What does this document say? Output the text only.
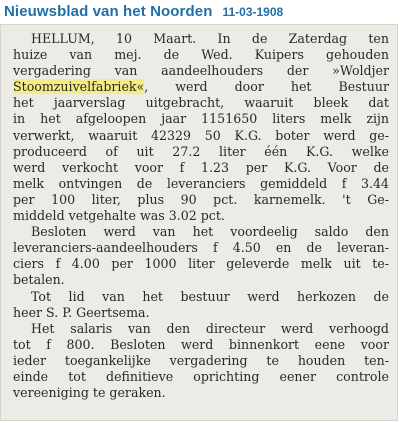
Nieuwsblad van het Noorden 11-03-1908
HELLUM, 10 Maart. In de Zaterdag ten
huize van mej. de Wed. Kuipers gehouden
vergadering van aandeelhouders der »Woldjer
Stoomzuivelfabriek«, werd door het Bestuur
het jaarverslag uitgebracht, waaruit bleek dat
in het afgeloopen jaar 1151650 liters melk zijn
verwerkt, waaruit 42329 50 K.G. boter werd ge-
produceerd of uit 27.2 liter één K.G. welke
werd verkocht voor f 1.23 per K.G. Voor de
melk ontvingen de leveranciers gemiddeld f 3.44
per 100 liter, plus 90 pct. karnemelk. 't Ge-
middeld vetgehalte was 3.02 pct.
Besloten werd van het voordeelig saldo den
leveranciers-aandeelhouders f 4.50 en de leveran-
ciers f 4.00 per 1000 liter geleverde melk uit te-
betalen.
Tot lid van het bestuur werd herkozen de
heer S. P. Geertsema.
Het salaris van den directeur werd verhoogd
tot f 800. Besloten werd binnenkort eene voor
ieder toegankelijke vergadering te houden ten-
einde tot definitieve oprichting eener controle
vereeniging te geraken.
